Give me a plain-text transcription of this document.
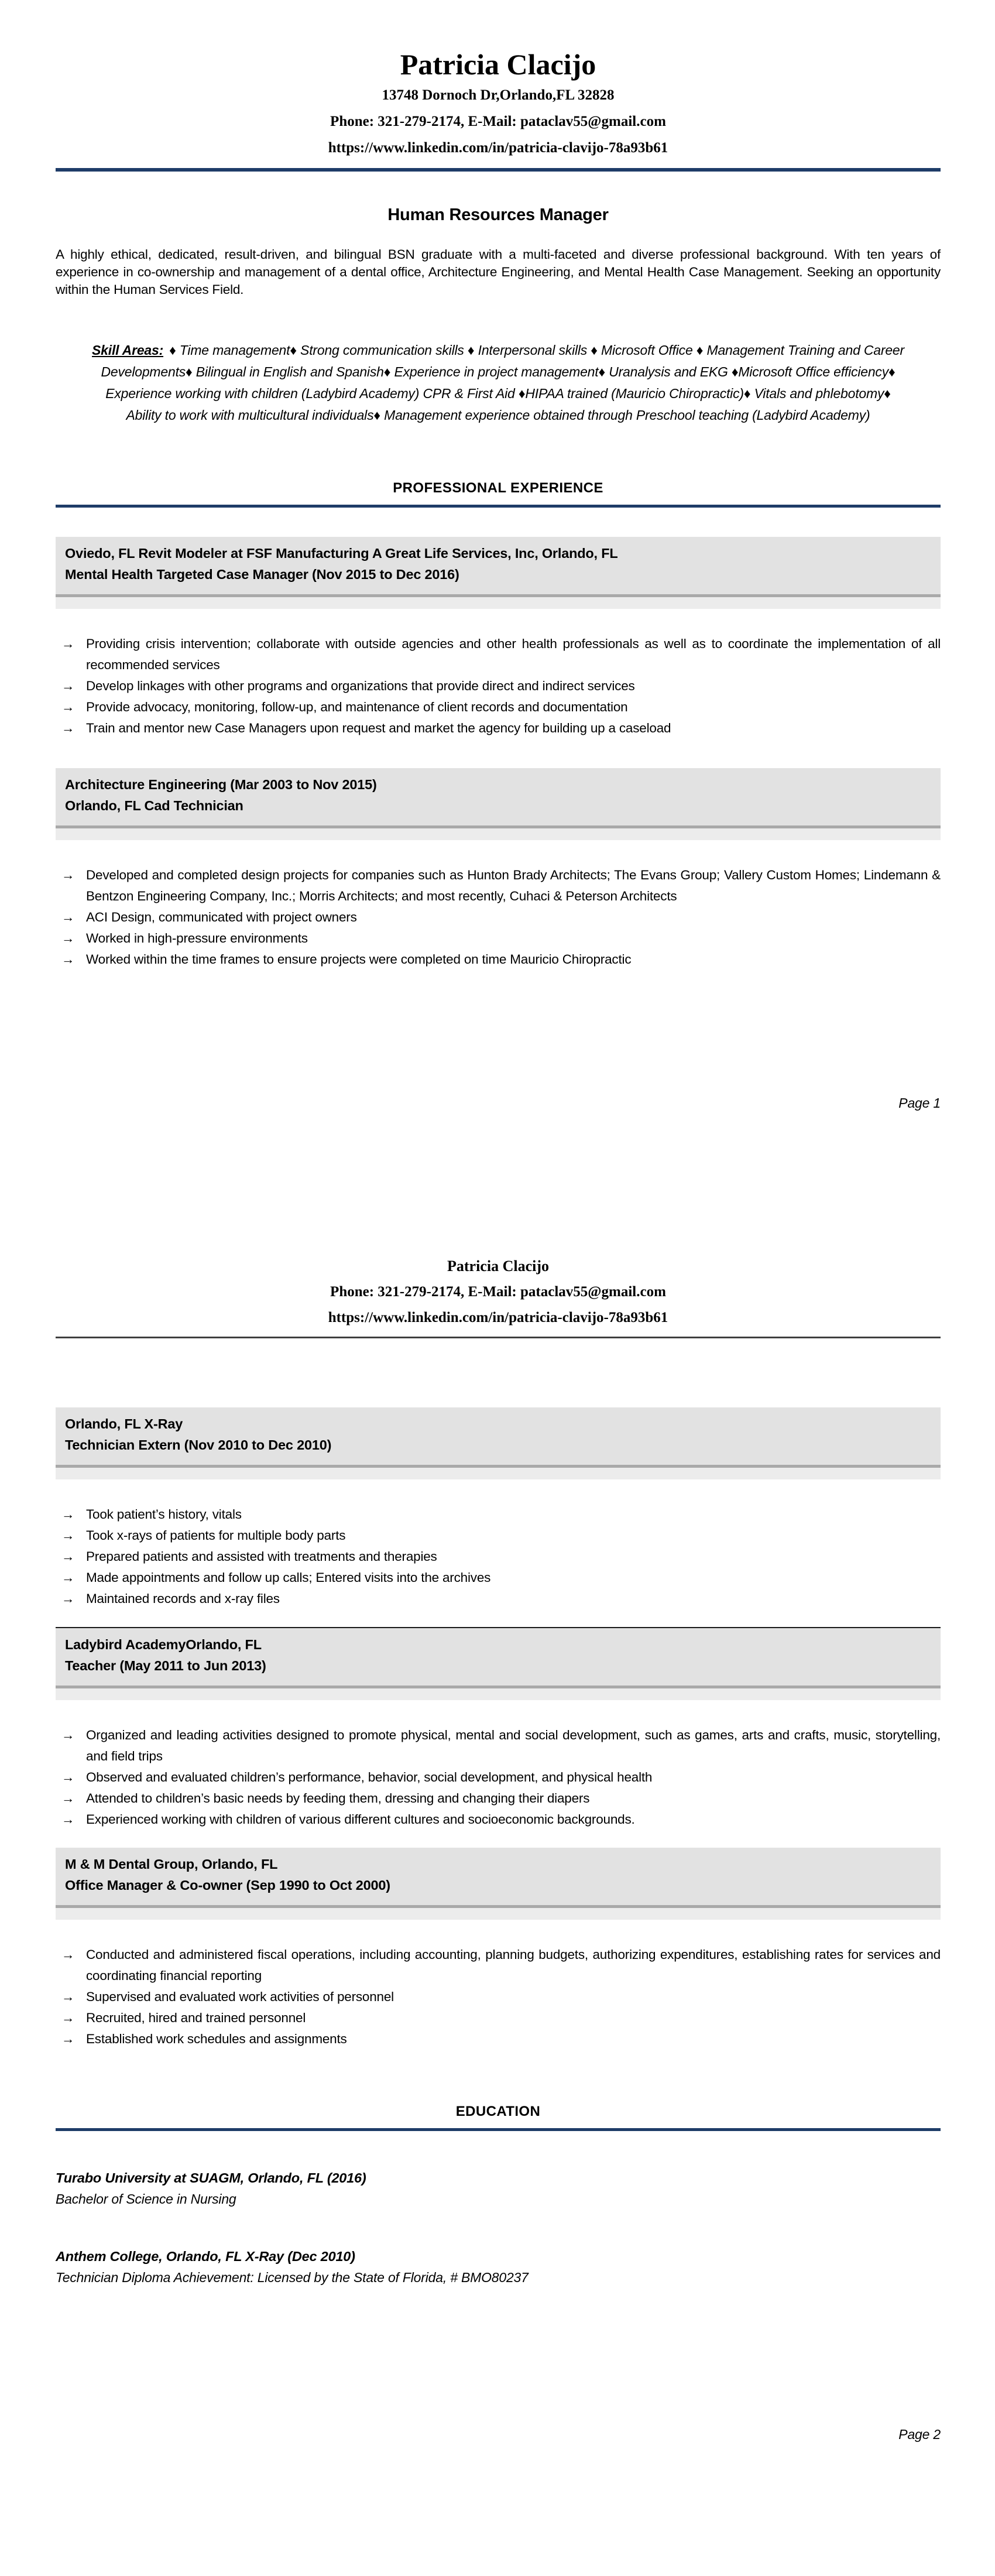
Patricia Clacijo
13748 Dornoch Dr,Orlando,FL 32828
Phone: 321-279-2174, E-Mail: pataclav55@gmail.com
https://www.linkedin.com/in/patricia-clavijo-78a93b61
Human Resources Manager

A highly ethical, dedicated, result-driven, and bilingual BSN graduate with a multi-faceted and diverse professional background. With ten years of experience in co-ownership and management of a dental office, Architecture Engineering, and Mental Health Case Management. Seeking an opportunity within the Human Services Field.

Skill Areas: ♦ Time management♦ Strong communication skills ♦ Interpersonal skills ♦ Microsoft Office ♦ Management Training and Career Developments♦ Bilingual in English and Spanish♦ Experience in project management♦ Uranalysis and EKG ♦Microsoft Office efficiency♦ Experience working with children (Ladybird Academy) CPR & First Aid ♦HIPAA trained (Mauricio Chiropractic)♦ Vitals and phlebotomy♦ Ability to work with multicultural individuals♦ Management experience obtained through Preschool teaching (Ladybird Academy)
PROFESSIONAL EXPERIENCE
Oviedo, FL Revit Modeler at FSF Manufacturing A Great Life Services, Inc, Orlando, FL
Mental Health Targeted Case Manager (Nov 2015 to Dec 2016)
→ Providing crisis intervention; collaborate with outside agencies and other health professionals as well as to coordinate the implementation of all recommended services
→ Develop linkages with other programs and organizations that provide direct and indirect services
→ Provide advocacy, monitoring, follow-up, and maintenance of client records and documentation
→ Train and mentor new Case Managers upon request and market the agency for building up a caseload
Architecture Engineering (Mar 2003 to Nov 2015)
Orlando, FL Cad Technician
→ Developed and completed design projects for companies such as Hunton Brady Architects; The Evans Group; Vallery Custom Homes; Lindemann & Bentzon Engineering Company, Inc.; Morris Architects; and most recently, Cuhaci & Peterson Architects
→ ACI Design, communicated with project owners
→ Worked in high-pressure environments
→ Worked within the time frames to ensure projects were completed on time Mauricio Chiropractic
Page 1
Patricia Clacijo
Phone: 321-279-2174, E-Mail: pataclav55@gmail.com
https://www.linkedin.com/in/patricia-clavijo-78a93b61
Orlando, FL X-Ray
Technician Extern (Nov 2010 to Dec 2010)
→ Took patient’s history, vitals
→ Took x-rays of patients for multiple body parts
→ Prepared patients and assisted with treatments and therapies
→ Made appointments and follow up calls; Entered visits into the archives
→ Maintained records and x-ray files
Ladybird AcademyOrlando, FL
Teacher (May 2011 to Jun 2013)
→ Organized and leading activities designed to promote physical, mental and social development, such as games, arts and crafts, music, storytelling, and field trips
→ Observed and evaluated children’s performance, behavior, social development, and physical health
→ Attended to children’s basic needs by feeding them, dressing and changing their diapers
→ Experienced working with children of various different cultures and socioeconomic backgrounds.
M & M Dental Group, Orlando, FL
Office Manager & Co-owner (Sep 1990 to Oct 2000)
→ Conducted and administered fiscal operations, including accounting, planning budgets, authorizing expenditures, establishing rates for services and coordinating financial reporting
→ Supervised and evaluated work activities of personnel
→ Recruited, hired and trained personnel
→ Established work schedules and assignments
EDUCATION
Turabo University at SUAGM, Orlando, FL (2016)
Bachelor of Science in Nursing
Anthem College, Orlando, FL X-Ray (Dec 2010)
Technician Diploma Achievement: Licensed by the State of Florida, # BMO80237
Page 2
